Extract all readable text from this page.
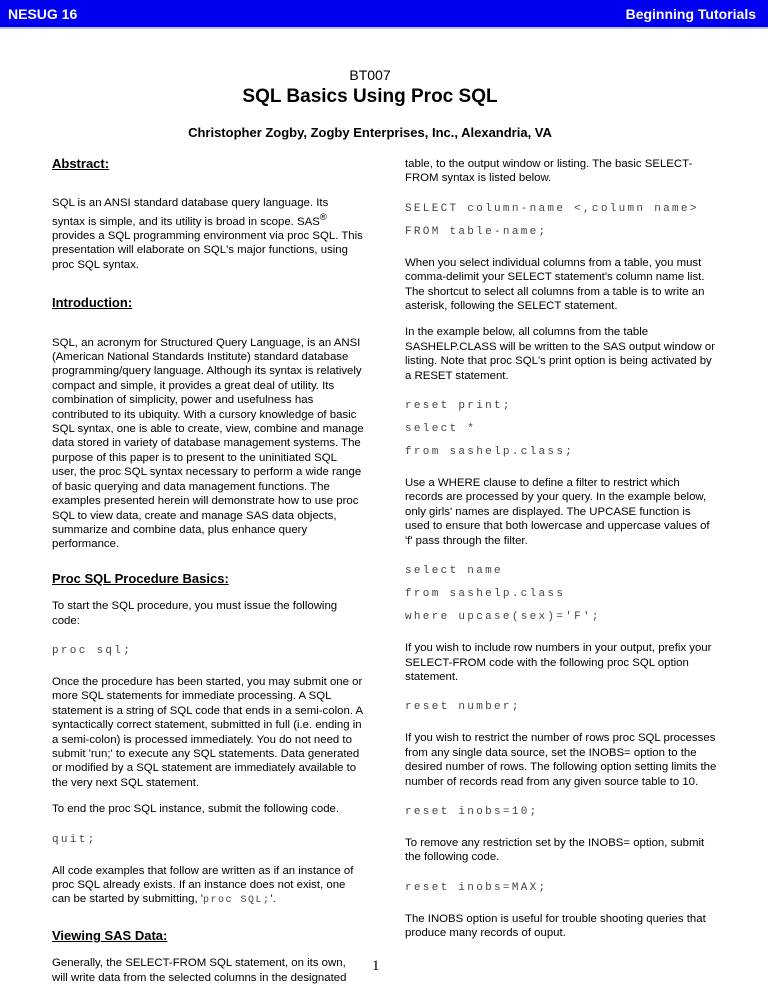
NESUG 16	Beginning Tutorials
BT007
SQL Basics Using Proc SQL
Christopher Zogby, Zogby Enterprises, Inc., Alexandria, VA
Abstract:
SQL is an ANSI standard database query language. Its syntax is simple, and its utility is broad in scope. SAS® provides a SQL programming environment via proc SQL. This presentation will elaborate on SQL's major functions, using proc SQL syntax.
Introduction:
SQL, an acronym for Structured Query Language, is an ANSI (American National Standards Institute) standard database programming/query language. Although its syntax is relatively compact and simple, it provides a great deal of utility. Its combination of simplicity, power and usefulness has contributed to its ubiquity. With a cursory knowledge of basic SQL syntax, one is able to create, view, combine and manage data stored in variety of database management systems. The purpose of this paper is to present to the uninitiated SQL user, the proc SQL syntax necessary to perform a wide range of basic querying and data management functions. The examples presented herein will demonstrate how to use proc SQL to view data, create and manage SAS data objects, summarize and combine data, plus enhance query performance.
Proc SQL Procedure Basics:
To start the SQL procedure, you must issue the following code:
proc sql;
Once the procedure has been started, you may submit one or more SQL statements for immediate processing. A SQL statement is a string of SQL code that ends in a semi-colon. A syntactically correct statement, submitted in full (i.e. ending in a semi-colon) is processed immediately. You do not need to submit 'run;' to execute any SQL statements. Data generated or modified by a SQL statement are immediately available to the very next SQL statement.
To end the proc SQL instance, submit the following code.
quit;
All code examples that follow are written as if an instance of proc SQL already exists. If an instance does not exist, one can be started by submitting, 'proc SQL;'.
Viewing SAS Data:
Generally, the SELECT-FROM SQL statement, on its own, will write data from the selected columns in the designated
table, to the output window or listing. The basic SELECT-FROM syntax is listed below.
SELECT column-name <,column name>
FROM table-name;
When you select individual columns from a table, you must comma-delimit your SELECT statement's column name list. The shortcut to select all columns from a table is to write an asterisk, following the SELECT statement.
In the example below, all columns from the table SASHELP.CLASS will be written to the SAS output window or listing. Note that proc SQL's print option is being activated by a RESET statement.
reset print;
select *
from sashelp.class;
Use a WHERE clause to define a filter to restrict which records are processed by your query. In the example below, only girls' names are displayed. The UPCASE function is used to ensure that both lowercase and uppercase values of 'f' pass through the filter.
select name
from sashelp.class
where upcase(sex)='F';
If you wish to include row numbers in your output, prefix your SELECT-FROM code with the following proc SQL option statement.
reset number;
If you wish to restrict the number of rows proc SQL processes from any single data source, set the INOBS= option to the desired number of rows. The following option setting limits the number of records read from any given source table to 10.
reset inobs=10;
To remove any restriction set by the INOBS= option, submit the following code.
reset inobs=MAX;
The INOBS option is useful for trouble shooting queries that produce many records of ouput.
1
